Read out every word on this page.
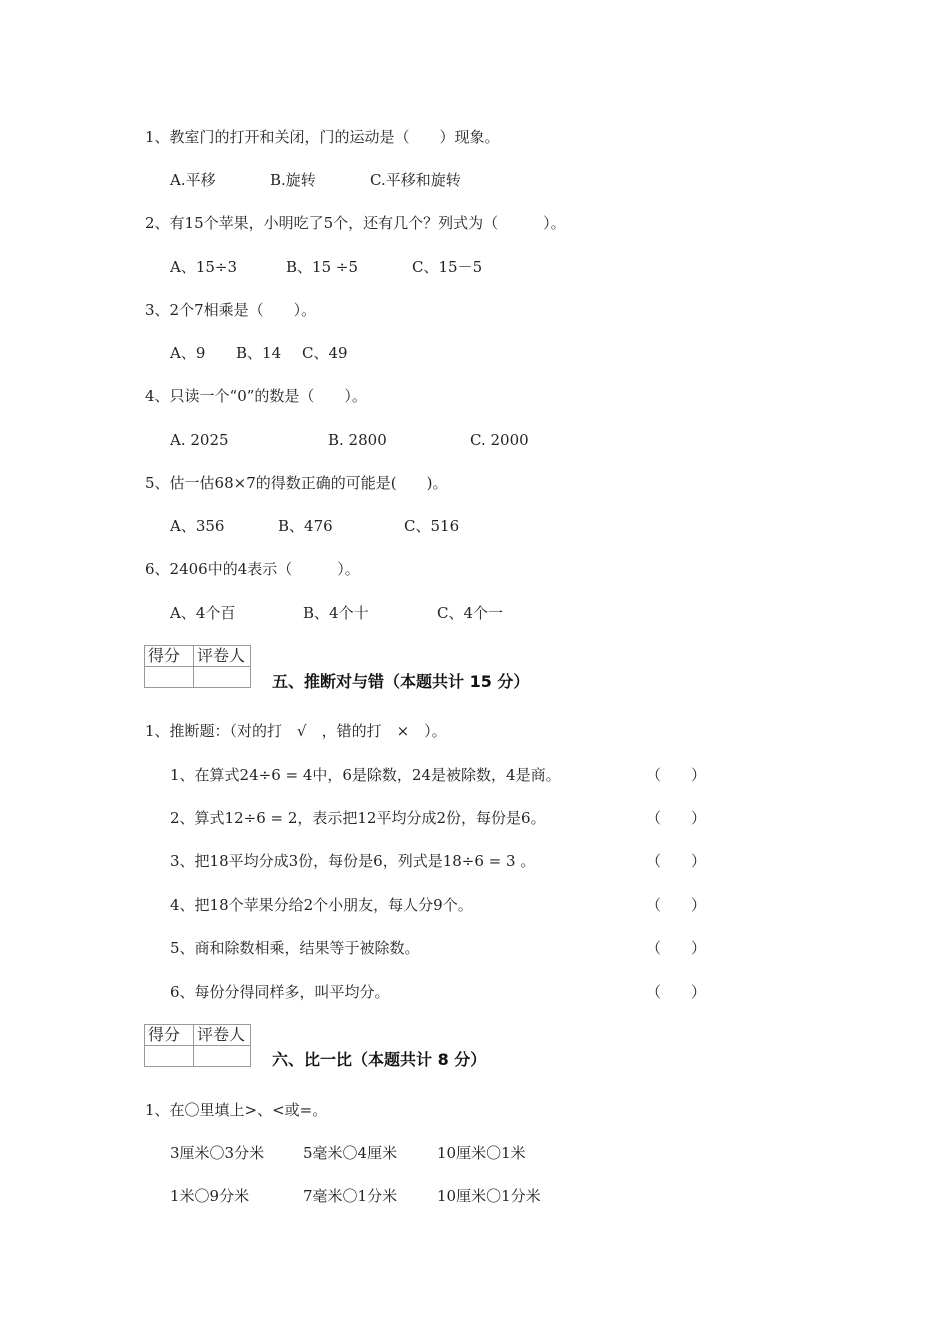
1、教室门的打开和关闭，门的运动是（　　）现象。
A.平移	B.旋转	C.平移和旋转
2、有15个苹果，小明吃了5个，还有几个？列式为（　　　）。
A、15÷3	B、15 ÷5	C、15－5
3、2个7相乘是（　　）。
A、9 B、14 C、49
4、只读一个“0”的数是（　　）。
A. 2025	B. 2800	C. 2000
5、估一估68×7的得数正确的可能是(　　)。
A、356	B、476	C、516
6、2406中的4表示（　　　）。
A、4个百	B、4个十	C、4个一
得分	评卷人

五、推断对与错（本题共计 15 分）
1、推断题：（对的打　√　，错的打　×　）。
1、在算式24÷6 = 4中，6是除数，24是被除数，4是商。	（　　）
2、算式12÷6 = 2，表示把12平均分成2份，每份是6。	（　　）
3、把18平均分成3份，每份是6，列式是18÷6 = 3 。	（　　）
4、把18个苹果分给2个小朋友，每人分9个。	（　　）
5、商和除数相乘，结果等于被除数。	（　　）
6、每份分得同样多，叫平均分。	（　　）
得分	评卷人

六、比一比（本题共计 8 分）
1、在〇里填上>、<或=。
3厘米〇3分米	5毫米〇4厘米	10厘米〇1米
1米〇9分米	7毫米〇1分米	10厘米〇1分米
